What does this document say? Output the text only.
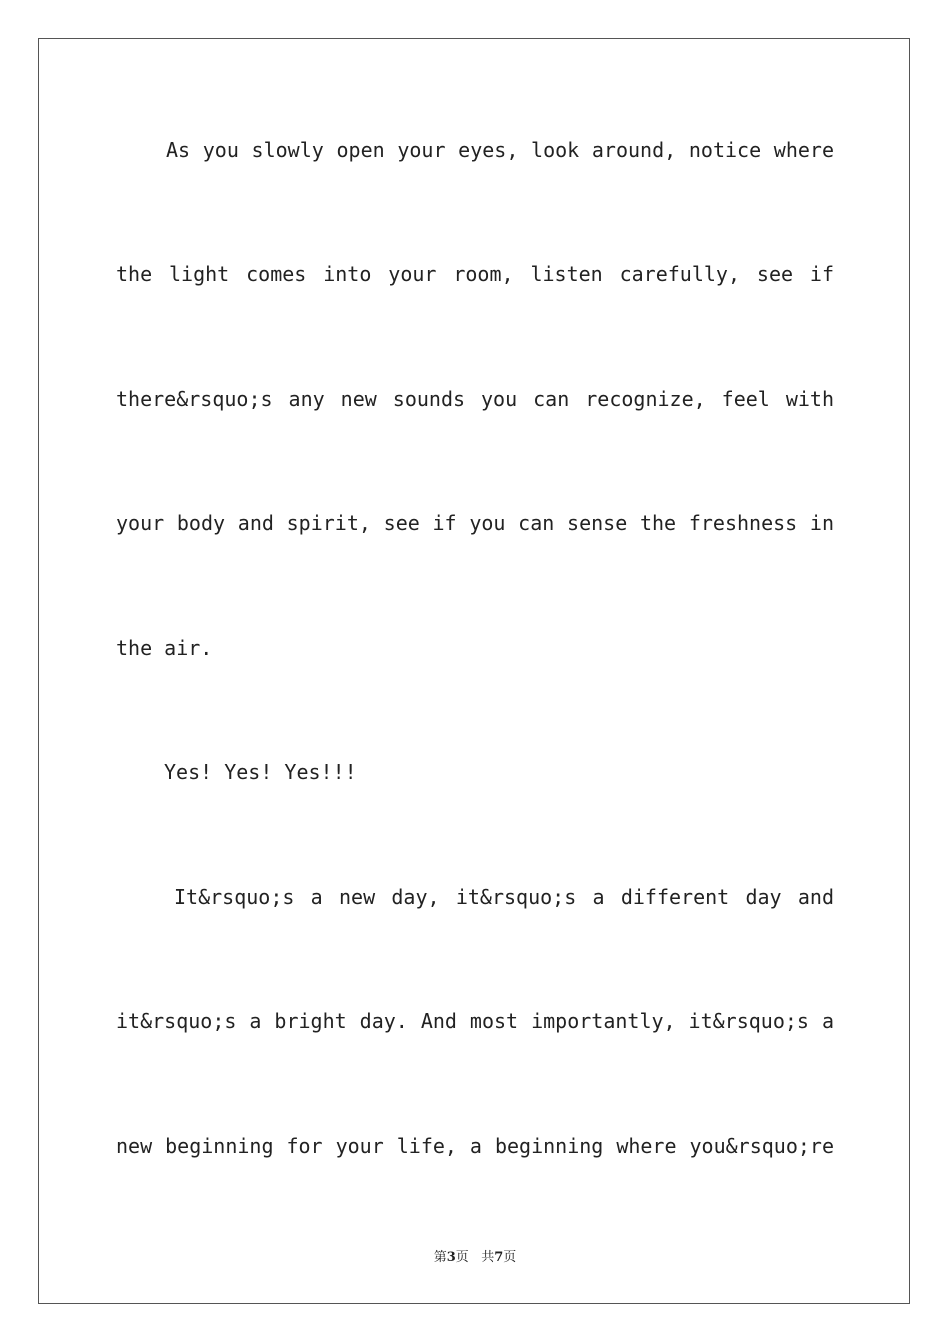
As you slowly open your eyes, look around, notice where
the light comes into your room, listen carefully, see if
there&rsquo;s any new sounds you can recognize, feel with
your body and spirit, see if you can sense the freshness in
the air.
Yes! Yes! Yes!!!
It&rsquo;s a new day, it&rsquo;s a different day and
it&rsquo;s a bright day. And most importantly, it&rsquo;s a
new beginning for your life, a beginning where you&rsquo;re
第3页 共7页
